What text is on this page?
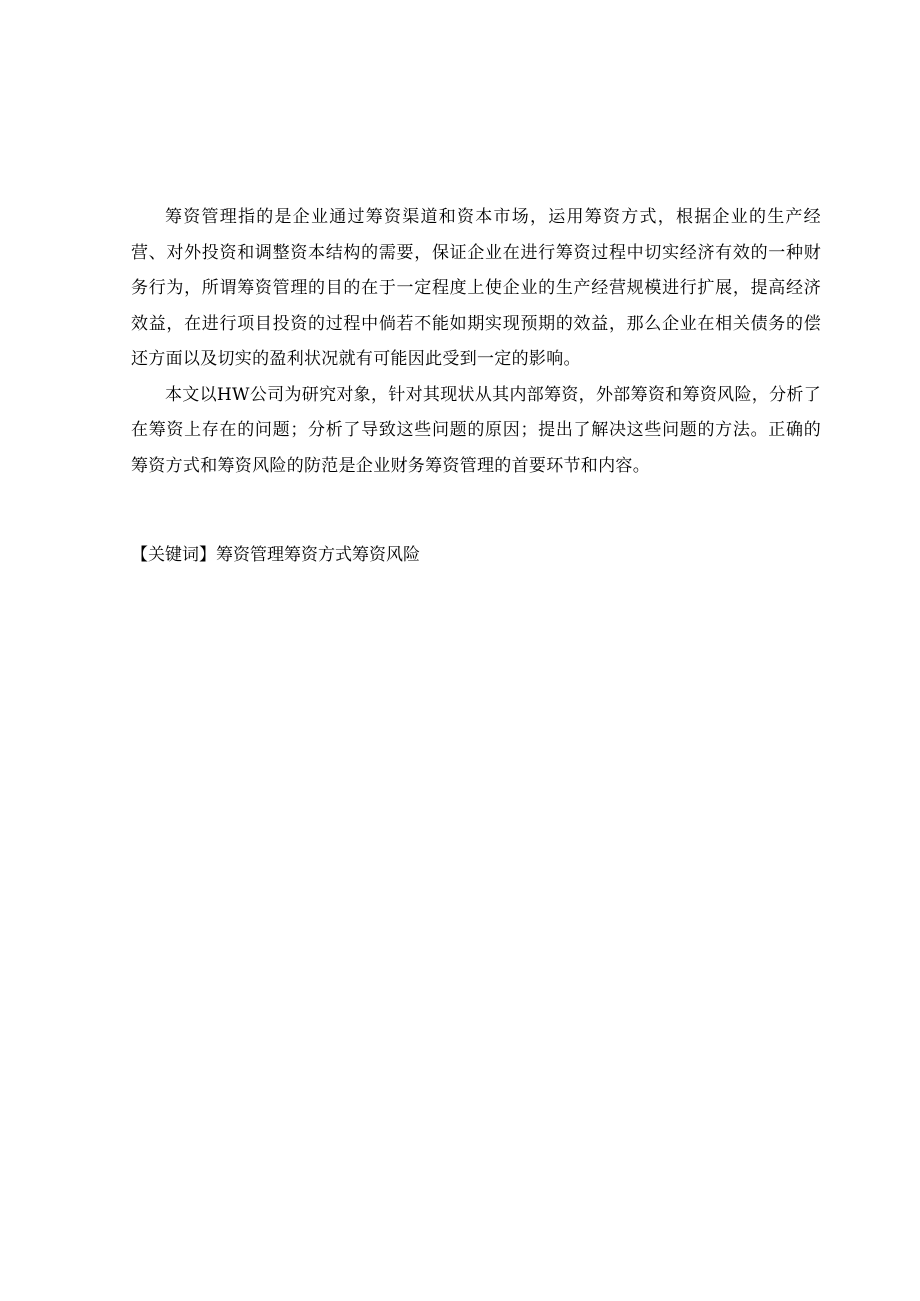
筹资管理指的是企业通过筹资渠道和资本市场，运用筹资方式，根据企业的生产经营、对外投资和调整资本结构的需要，保证企业在进行筹资过程中切实经济有效的一种财务行为，所谓筹资管理的目的在于一定程度上使企业的生产经营规模进行扩展，提高经济效益，在进行项目投资的过程中倘若不能如期实现预期的效益，那么企业在相关债务的偿还方面以及切实的盈利状况就有可能因此受到一定的影响。

本文以HW公司为研究对象，针对其现状从其内部筹资，外部筹资和筹资风险，分析了在筹资上存在的问题；分析了导致这些问题的原因；提出了解决这些问题的方法。正确的筹资方式和筹资风险的防范是企业财务筹资管理的首要环节和内容。

【关键词】筹资管理筹资方式筹资风险
